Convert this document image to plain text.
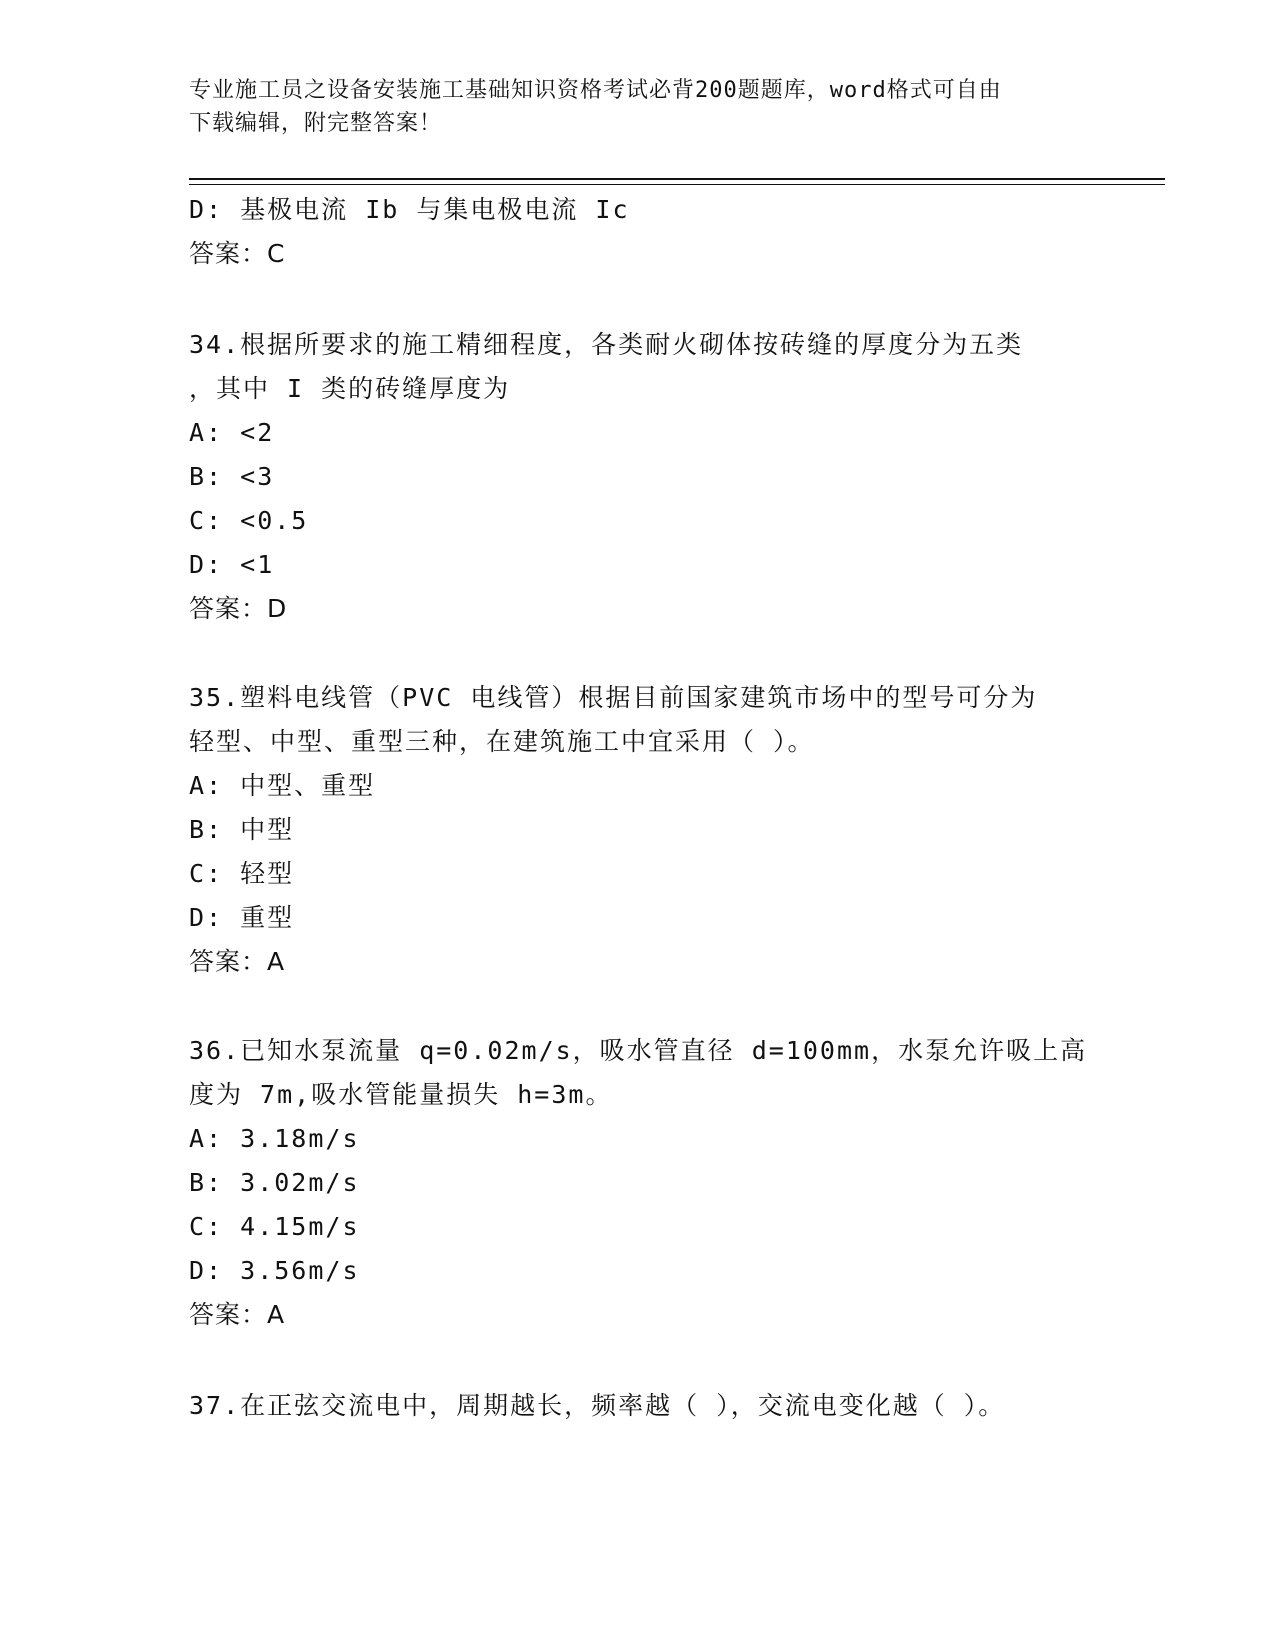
专业施工员之设备安装施工基础知识资格考试必背200题题库，word格式可自由
下载编辑，附完整答案！
D: 基极电流 Ib 与集电极电流 Ic
答案：C
34.根据所要求的施工精细程度，各类耐火砌体按砖缝的厚度分为五类
，其中 I 类的砖缝厚度为
A: <2
B: <3
C: <0.5
D: <1
答案：D
35.塑料电线管（PVC 电线管）根据目前国家建筑市场中的型号可分为
轻型、中型、重型三种，在建筑施工中宜采用（ ）。
A: 中型、重型
B: 中型
C: 轻型
D: 重型
答案：A
36.已知水泵流量 q=0.02m/s，吸水管直径 d=100mm，水泵允许吸上高
度为 7m,吸水管能量损失 h=3m。
A: 3.18m/s
B: 3.02m/s
C: 4.15m/s
D: 3.56m/s
答案：A
37.在正弦交流电中，周期越长，频率越（ ），交流电变化越（ ）。
